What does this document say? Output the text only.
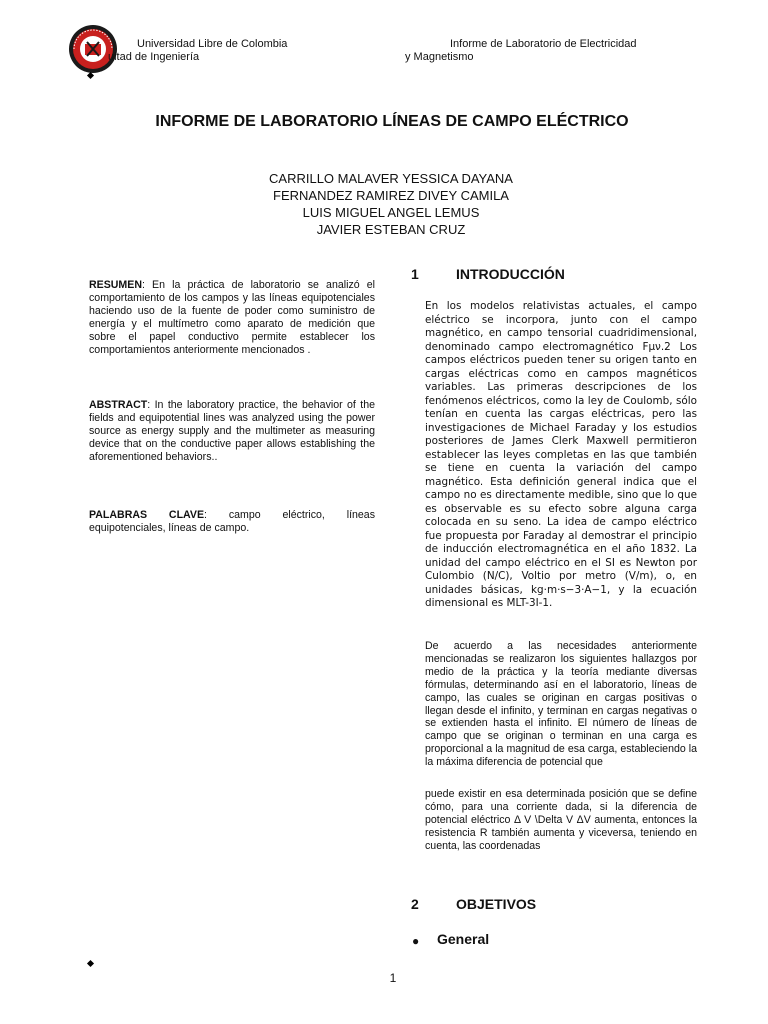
Universidad Libre de Colombia
ultad de Ingeniería
Informe de Laboratorio de Electricidad
y Magnetismo
INFORME DE LABORATORIO LÍNEAS DE CAMPO ELÉCTRICO
CARRILLO MALAVER YESSICA DAYANA
FERNANDEZ RAMIREZ DIVEY CAMILA
LUIS MIGUEL ANGEL LEMUS
JAVIER ESTEBAN CRUZ
RESUMEN: En la práctica de laboratorio se analizó el comportamiento de los campos y las líneas equipotenciales haciendo uso de la fuente de poder como suministro de energía y el multímetro como aparato de medición que sobre el papel conductivo permite establecer los comportamientos anteriormente mencionados .
ABSTRACT: In the laboratory practice, the behavior of the fields and equipotential lines was analyzed using the power source as energy supply and the multimeter as measuring device that on the conductive paper allows establishing the aforementioned behaviors..
PALABRAS CLAVE: campo eléctrico, líneas equipotenciales, líneas de campo.
1	INTRODUCCIÓN
En los modelos relativistas actuales, el campo eléctrico se incorpora, junto con el campo magnético, en campo tensorial cuadridimensional, denominado campo electromagnético Fμν.2 Los campos eléctricos pueden tener su origen tanto en cargas eléctricas como en campos magnéticos variables. Las primeras descripciones de los fenómenos eléctricos, como la ley de Coulomb, sólo tenían en cuenta las cargas eléctricas, pero las investigaciones de Michael Faraday y los estudios posteriores de James Clerk Maxwell permitieron establecer las leyes completas en las que también se tiene en cuenta la variación del campo magnético. Esta definición general indica que el campo no es directamente medible, sino que lo que es observable es su efecto sobre alguna carga colocada en su seno. La idea de campo eléctrico fue propuesta por Faraday al demostrar el principio de inducción electromagnética en el año 1832. La unidad del campo eléctrico en el SI es Newton por Culombio (N/C), Voltio por metro (V/m), o, en unidades básicas, kg·m·s−3·A−1, y la ecuación dimensional es MLT-3I-1.
De acuerdo a las necesidades anteriormente mencionadas se realizaron los siguientes hallazgos por medio de la práctica y la teoría mediante diversas fórmulas, determinando así en el laboratorio, líneas de campo, las cuales se originan en cargas positivas o llegan desde el infinito, y terminan en cargas negativas o se extienden hasta el infinito. El número de líneas de campo que se originan o terminan en una carga es proporcional a la magnitud de esa carga, estableciendo la la máxima diferencia de potencial que
puede existir en esa determinada posición que se define cómo, para una corriente dada, si la diferencia de potencial eléctrico Δ V \Delta V ΔV aumenta, entonces la resistencia R también aumenta y viceversa, teniendo en cuenta, las coordenadas
2	OBJETIVOS
● General
1
